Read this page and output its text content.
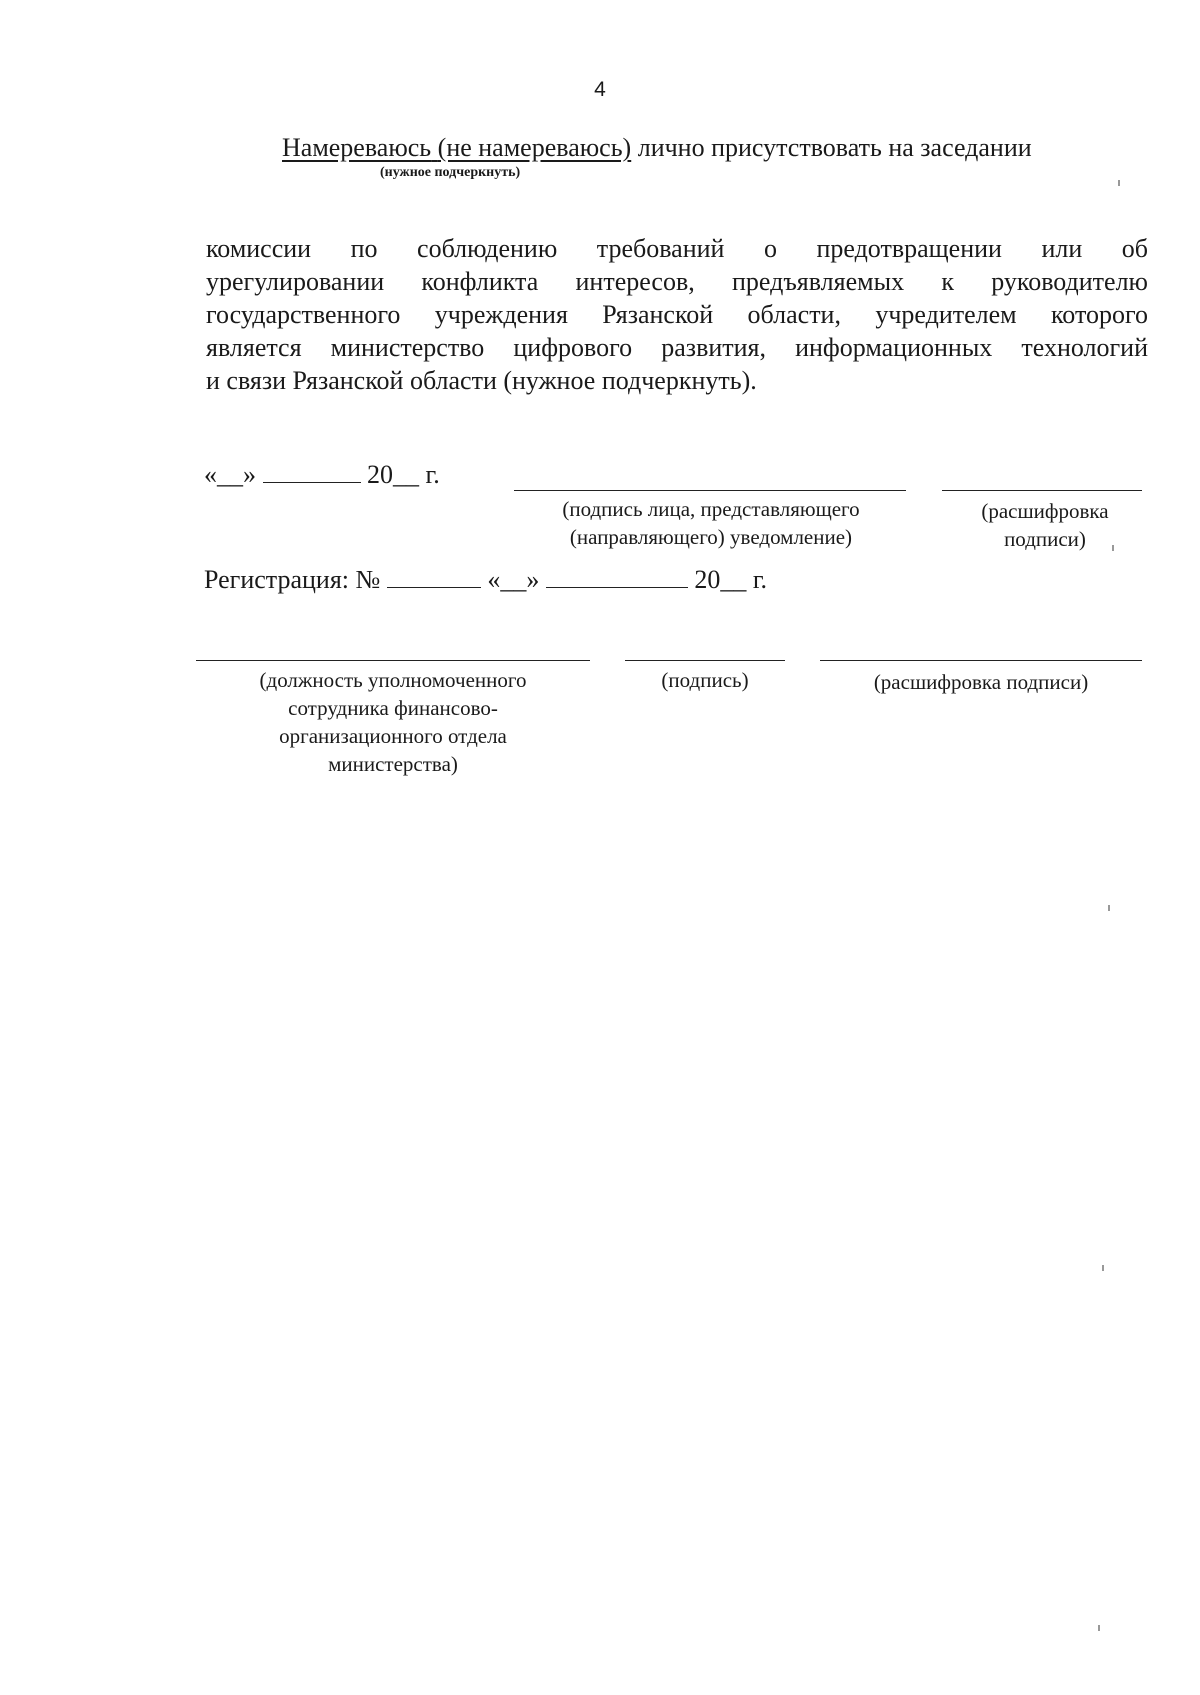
4
Намереваюсь (не намереваюсь) лично присутствовать на заседании
(нужное подчеркнуть)
комиссии по соблюдению требований о предотвращении или об
урегулировании конфликта интересов, предъявляемых к руководителю
государственного учреждения Рязанской области, учредителем которого
является министерство цифрового развития, информационных технологий
и связи Рязанской области (нужное подчеркнуть).
«__»	20__ г.
(подпись лица, представляющего (направляющего) уведомление)
(расшифровка подписи)
Регистрация: №	«__»	20__ г.
(должность уполномоченного сотрудника финансово-организационного отдела министерства)
(подпись)	(расшифровка подписи)
